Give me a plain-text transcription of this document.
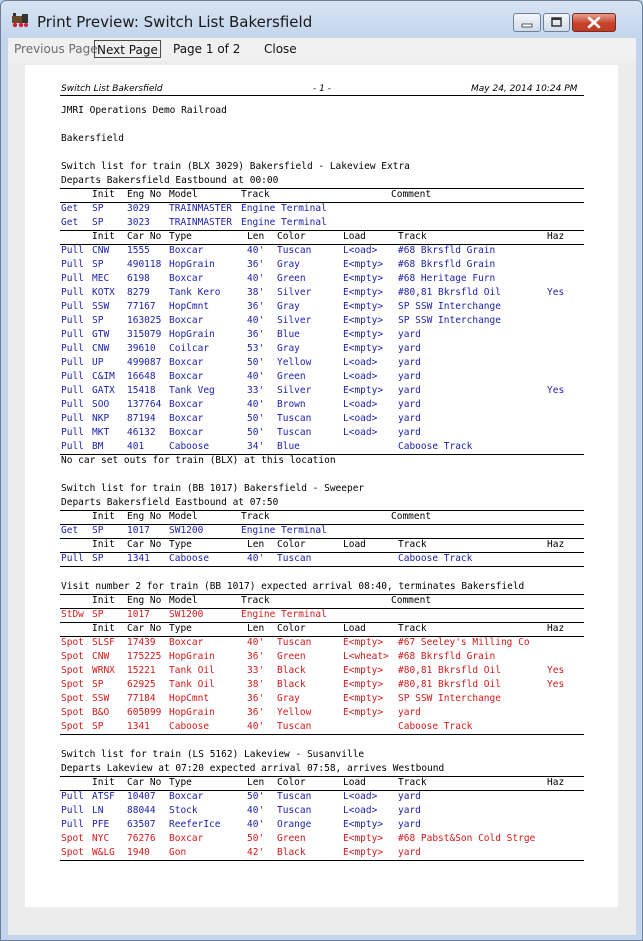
Print Preview: Switch List Bakersfield
Previous Page Next Page Page 1 of 2 Close
Switch List Bakersfield	- 1 -	May 24, 2014 10:24 PM
JMRI Operations Demo Railroad
Bakersfield
Switch list for train (BLX 3029) Bakersfield - Lakeview Extra
Departs Bakersfield Eastbound at 00:00
Init Eng No Model	Track	Comment
Get SP 3029 TRAINMASTER Engine Terminal
Get SP 3023 TRAINMASTER Engine Terminal
Init Car No Type	Len Color	Load	Track	Haz
Pull CNW 1555 Boxcar	40' Tuscan	L<oad> #68 Bkrsfld Grain
Pull SP 490118 HopGrain	36' Gray	E<mpty> #68 Bkrsfld Grain
Pull MEC 6198 Boxcar	40' Green	E<mpty> #68 Heritage Furn
Pull KOTX 8279 Tank Kero	38' Silver	E<mpty> #80,81 Bkrsfld Oil	Yes
Pull SSW 77167 HopCmnt	36' Gray	E<mpty> SP SSW Interchange
Pull SP 163025 Boxcar	40' Silver	E<mpty> SP SSW Interchange
Pull GTW 315079 HopGrain	36' Blue	E<mpty> yard
Pull CNW 39610 Coilcar	53' Gray	E<mpty> yard
Pull UP 499087 Boxcar	50' Yellow	L<oad> yard
Pull C&IM 16648 Boxcar	40' Green	L<oad> yard
Pull GATX 15418 Tank Veg	33' Silver	E<mpty> yard	Yes
Pull SOO 137764 Boxcar	40' Brown	L<oad> yard
Pull NKP 87194 Boxcar	50' Tuscan	L<oad> yard
Pull MKT 46132 Boxcar	50' Tuscan	L<oad> yard
Pull BM 401	Caboose	34' Blue	Caboose Track
No car set outs for train (BLX) at this location
Switch list for train (BB 1017) Bakersfield - Sweeper
Departs Bakersfield Eastbound at 07:50
Init Eng No Model	Track	Comment
Get SP 1017 SW1200	Engine Terminal
Init Car No Type	Len Color	Load	Track	Haz
Pull SP 1341 Caboose	40' Tuscan	Caboose Track
Visit number 2 for train (BB 1017) expected arrival 08:40, terminates Bakersfield
Init Eng No Model	Track	Comment
StDw SP 1017 SW1200	Engine Terminal
Init Car No Type	Len Color	Load	Track	Haz
Spot SLSF 17439 Boxcar	40' Tuscan	E<mpty> #67 Seeley's Milling Co
Spot CNW 175225 HopGrain	36' Green	L<wheat> #68 Bkrsfld Grain
Spot WRNX 15221 Tank Oil	33' Black	E<mpty> #80,81 Bkrsfld Oil	Yes
Spot SP 62925 Tank Oil	38' Black	E<mpty> #80,81 Bkrsfld Oil	Yes
Spot SSW 77184 HopCmnt	36' Gray	E<mpty> SP SSW Interchange
Spot B&O 605099 HopGrain	36' Yellow	E<mpty> yard
Spot SP 1341 Caboose	40' Tuscan	Caboose Track
Switch list for train (LS 5162) Lakeview - Susanville
Departs Lakeview at 07:20 expected arrival 07:58, arrives Westbound
Init Car No Type	Len Color	Load	Track	Haz
Pull ATSF 10407 Boxcar	50' Tuscan	L<oad> yard
Pull LN 88044 Stock	40' Tuscan	L<oad> yard
Pull PFE 63507 ReeferIce	40' Orange	E<mpty> yard
Spot NYC 76276 Boxcar	50' Green	E<mpty> #68 Pabst&Son Cold Strge
Spot W&LG 1940 Gon	42' Black	E<mpty> yard
